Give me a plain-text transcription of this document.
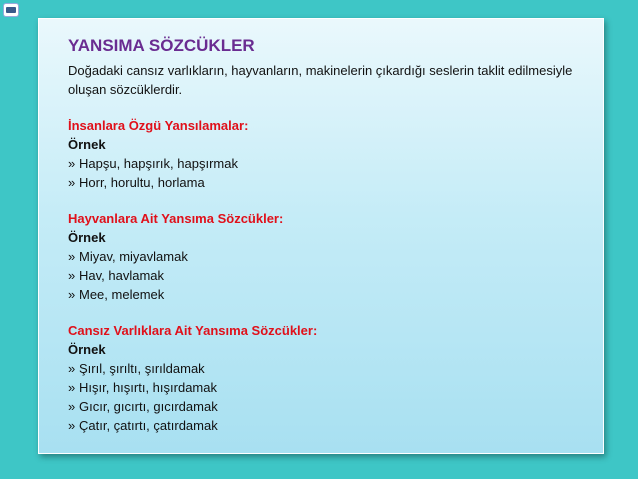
YANSIMA SÖZCÜKLER
Doğadaki cansız varlıkların, hayvanların, makinelerin çıkardığı seslerin taklit edilmesiyle oluşan sözcüklerdir.
İnsanlara Özgü Yansılamalar:
Örnek
» Hapşu, hapşırık, hapşırmak
» Horr, horultu, horlama
Hayvanlara Ait Yansıma Sözcükler:
Örnek
» Miyav, miyavlamak
» Hav, havlamak
» Mee, melemek
Cansız Varlıklara Ait Yansıma Sözcükler:
Örnek
» Şırıl, şırıltı, şırıldamak
» Hışır, hışırtı, hışırdamak
» Gıcır, gıcırtı, gıcırdamak
» Çatır, çatırtı, çatırdamak
